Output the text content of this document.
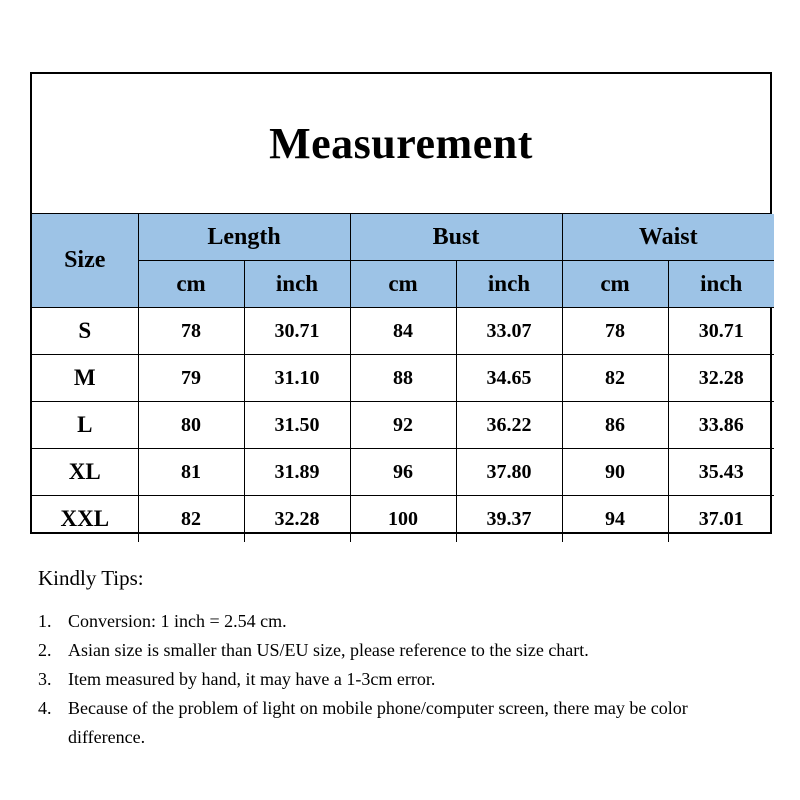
Measurement
Size	Length		Bust		Waist	
	cm	inch	cm	inch	cm	inch
S	78	30.71	84	33.07	78	30.71
M	79	31.10	88	34.65	82	32.28
L	80	31.50	92	36.22	86	33.86
XL	81	31.89	96	37.80	90	35.43
XXL	82	32.28	100	39.37	94	37.01

Kindly Tips:

1. Conversion: 1 inch = 2.54 cm.
2. Asian size is smaller than US/EU size, please reference to the size chart.
3. Item measured by hand, it may have a 1-3cm error.
4. Because of the problem of light on mobile phone/computer screen, there may be color difference.
